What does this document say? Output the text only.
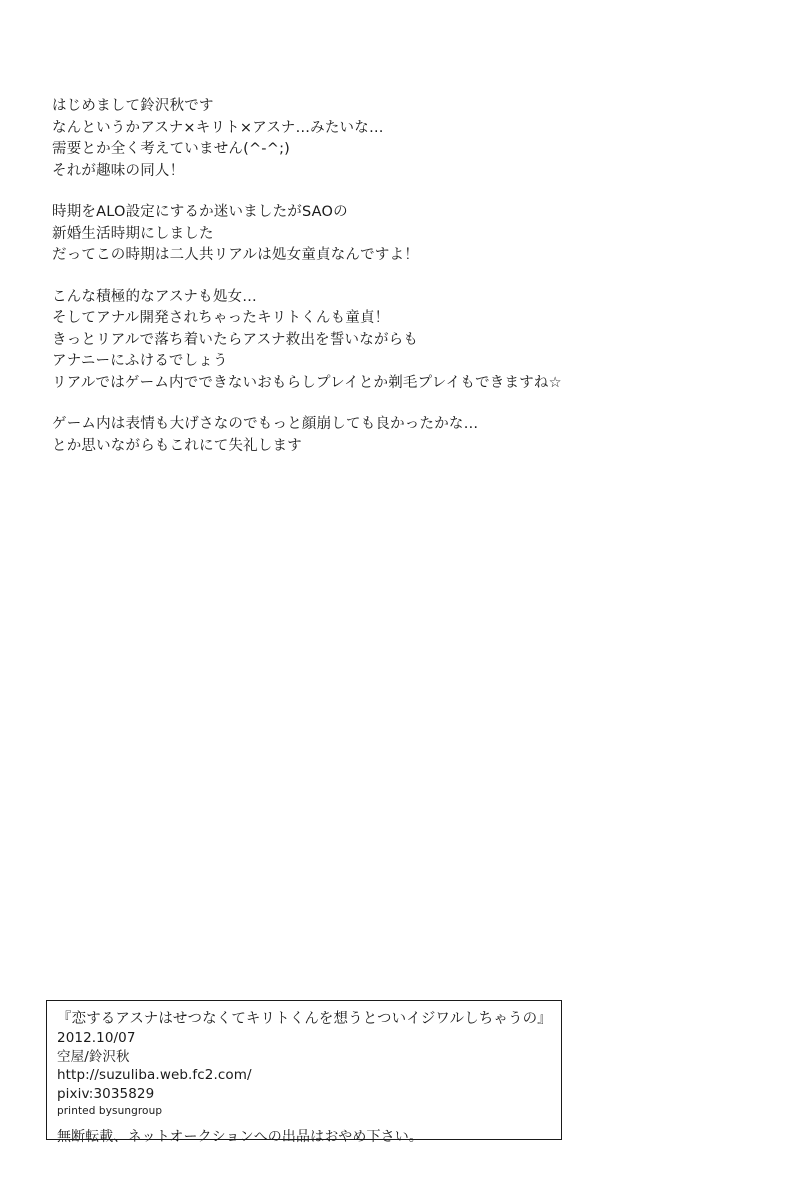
はじめまして鈴沢秋です
なんというかアスナ×キリト×アスナ…みたいな…
需要とか全く考えていません(^-^;)
それが趣味の同人！
時期をALO設定にするか迷いましたがSAOの
新婚生活時期にしました
だってこの時期は二人共リアルは処女童貞なんですよ！
こんな積極的なアスナも処女…
そしてアナル開発されちゃったキリトくんも童貞！
きっとリアルで落ち着いたらアスナ救出を誓いながらも
アナニーにふけるでしょう
リアルではゲーム内でできないおもらしプレイとか剃毛プレイもできますね☆
ゲーム内は表情も大げさなのでもっと顔崩しても良かったかな…
とか思いながらもこれにて失礼します
『恋するアスナはせつなくてキリトくんを想うとついイジワルしちゃうの』
2012.10/07
空屋/鈴沢秋
http://suzuliba.web.fc2.com/
pixiv:3035829
printed bysungroup
無断転載、ネットオークションへの出品はおやめ下さい。
